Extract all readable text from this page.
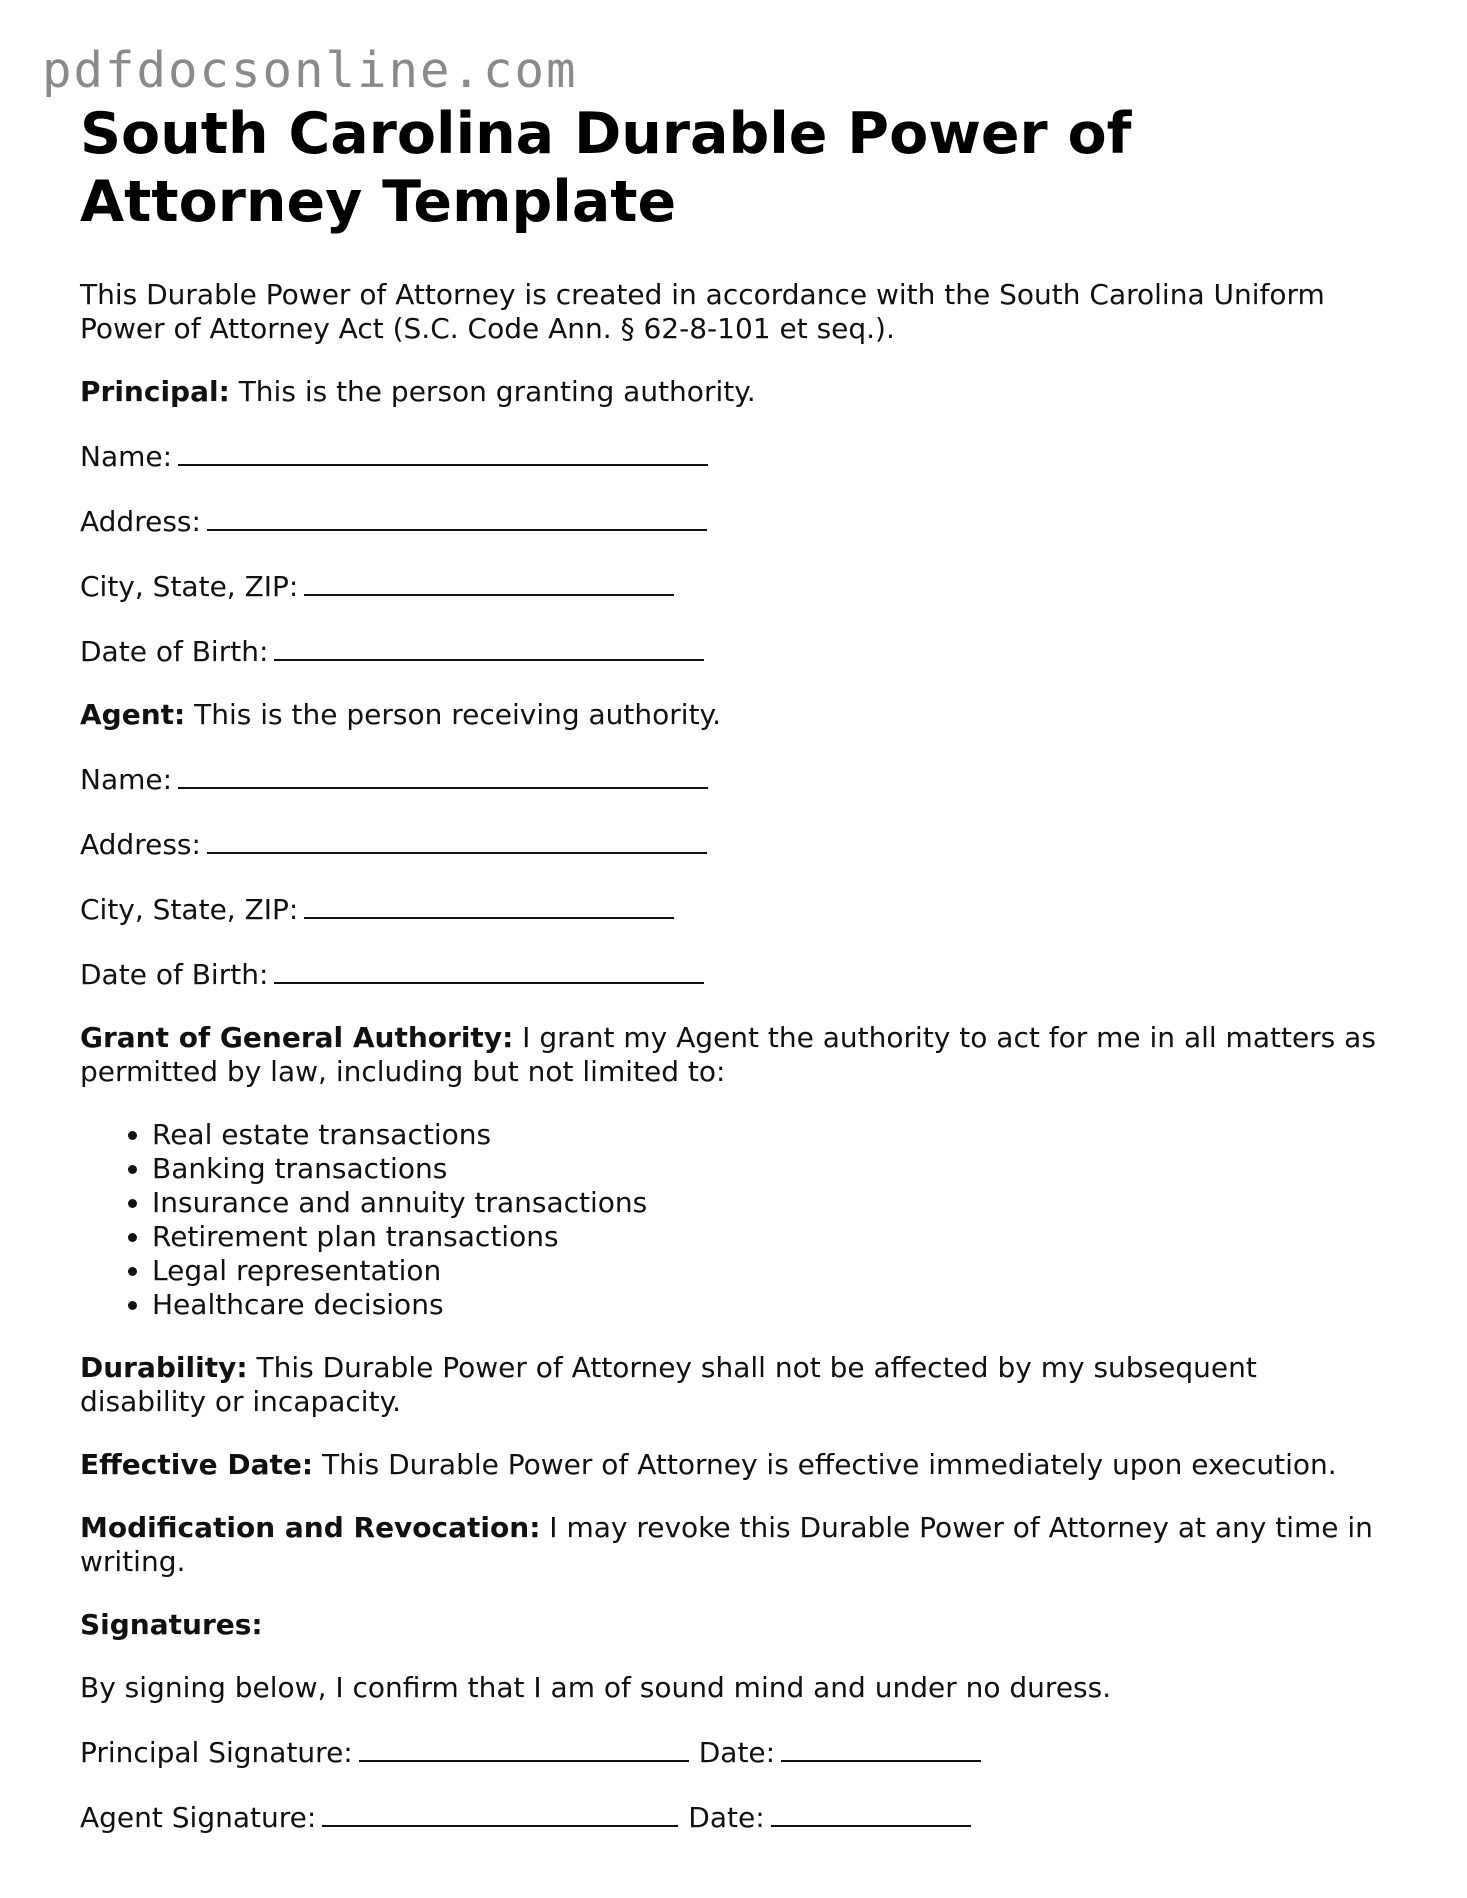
pdfdocsonline.com
South Carolina Durable Power of Attorney Template

This Durable Power of Attorney is created in accordance with the South Carolina Uniform Power of Attorney Act (S.C. Code Ann. § 62-8-101 et seq.).

Principal: This is the person granting authority.

Name:

Address:

City, State, ZIP:

Date of Birth:

Agent: This is the person receiving authority.

Name:

Address:

City, State, ZIP:

Date of Birth:

Grant of General Authority: I grant my Agent the authority to act for me in all matters as permitted by law, including but not limited to:

• Real estate transactions
• Banking transactions
• Insurance and annuity transactions
• Retirement plan transactions
• Legal representation
• Healthcare decisions

Durability: This Durable Power of Attorney shall not be affected by my subsequent disability or incapacity.

Effective Date: This Durable Power of Attorney is effective immediately upon execution.

Modification and Revocation: I may revoke this Durable Power of Attorney at any time in writing.

Signatures:

By signing below, I confirm that I am of sound mind and under no duress.

Principal Signature:	Date:

Agent Signature:	Date:
